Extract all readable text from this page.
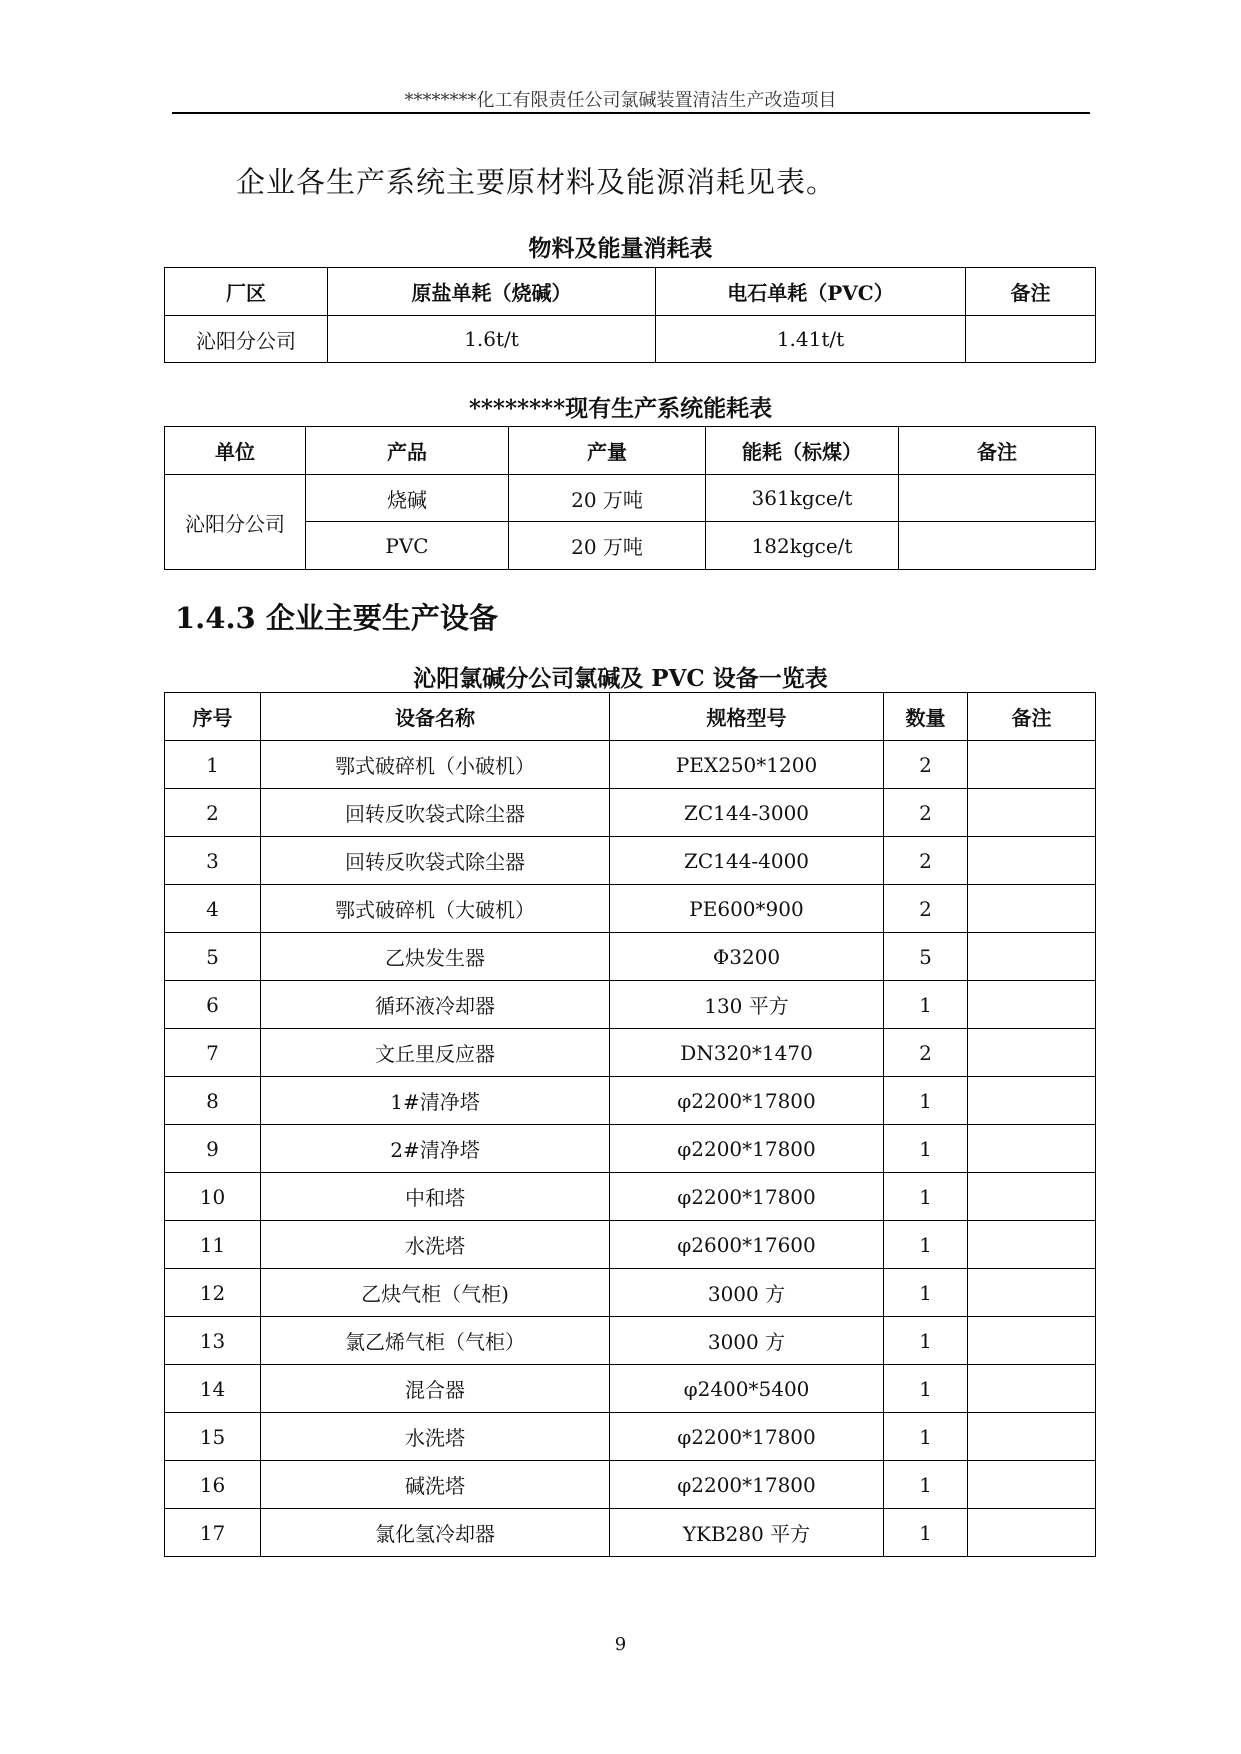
********化工有限责任公司氯碱装置清洁生产改造项目
企业各生产系统主要原材料及能源消耗见表。
物料及能量消耗表
厂区	原盐单耗（烧碱）	电石单耗（PVC）	备注
沁阳分公司	1.6t/t	1.41t/t	
********现有生产系统能耗表
单位	产品	产量	能耗（标煤）	备注
沁阳分公司	烧碱	20 万吨	361kgce/t	
	PVC	20 万吨	182kgce/t	
1.4.3 企业主要生产设备
沁阳氯碱分公司氯碱及 PVC 设备一览表
序号	设备名称	规格型号	数量	备注
1	鄂式破碎机（小破机）	PEX250*1200	2	
2	回转反吹袋式除尘器	ZC144-3000	2	
3	回转反吹袋式除尘器	ZC144-4000	2	
4	鄂式破碎机（大破机）	PE600*900	2	
5	乙炔发生器	Φ3200	5	
6	循环液冷却器	130 平方	1	
7	文丘里反应器	DN320*1470	2	
8	1#清净塔	φ2200*17800	1	
9	2#清净塔	φ2200*17800	1	
10	中和塔	φ2200*17800	1	
11	水洗塔	φ2600*17600	1	
12	乙炔气柜（气柜)	3000 方	1	
13	氯乙烯气柜（气柜）	3000 方	1	
14	混合器	φ2400*5400	1	
15	水洗塔	φ2200*17800	1	
16	碱洗塔	φ2200*17800	1	
17	氯化氢冷却器	YKB280 平方	1	
9
